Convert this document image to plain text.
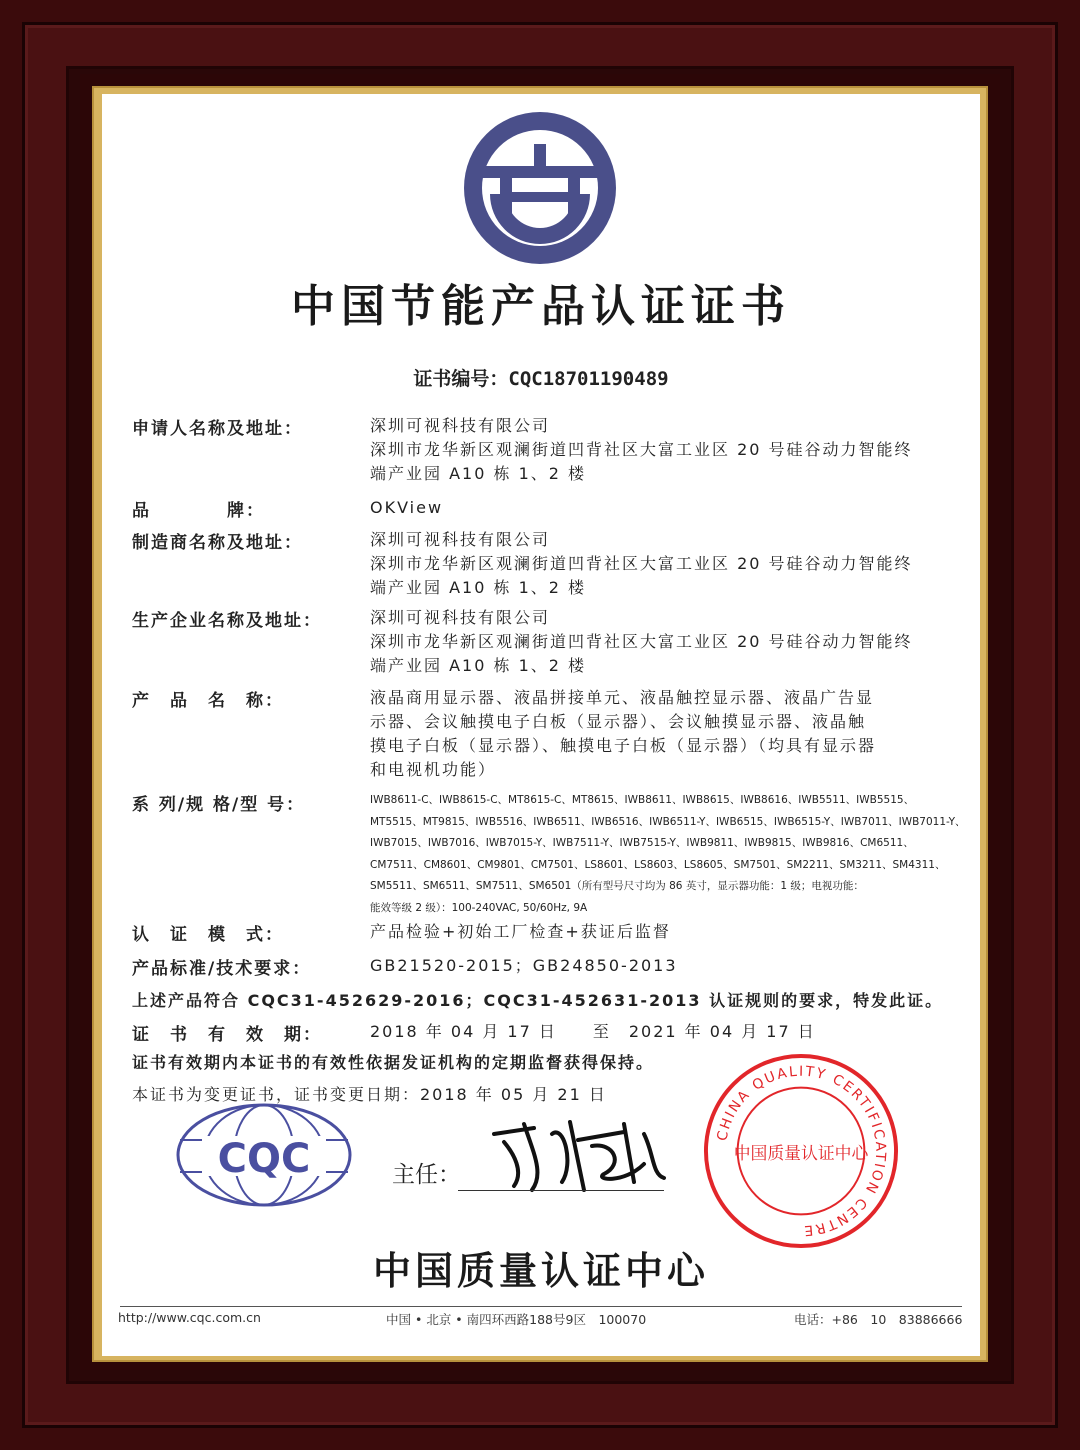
中国节能产品认证证书
证书编号：CQC18701190489
申请人名称及地址：	深圳可视科技有限公司
深圳市龙华新区观澜街道凹背社区大富工业区 20 号硅谷动力智能终
端产业园 A10 栋 1、2 楼
品　　　　牌：	OKView
制造商名称及地址：	深圳可视科技有限公司
深圳市龙华新区观澜街道凹背社区大富工业区 20 号硅谷动力智能终
端产业园 A10 栋 1、2 楼
生产企业名称及地址：	深圳可视科技有限公司
深圳市龙华新区观澜街道凹背社区大富工业区 20 号硅谷动力智能终
端产业园 A10 栋 1、2 楼
产　品　名　称：	液晶商用显示器、液晶拼接单元、液晶触控显示器、液晶广告显
示器、会议触摸电子白板（显示器）、会议触摸显示器、液晶触
摸电子白板（显示器）、触摸电子白板（显示器）（均具有显示器
和电视机功能）
系 列/规 格/型 号：	IWB8611-C、IWB8615-C、MT8615-C、MT8615、IWB8611、IWB8615、IWB8616、IWB5511、IWB5515、
MT5515、MT9815、IWB5516、IWB6511、IWB6516、IWB6511-Y、IWB6515、IWB6515-Y、IWB7011、IWB7011-Y、
IWB7015、IWB7016、IWB7015-Y、IWB7511-Y、IWB7515-Y、IWB9811、IWB9815、IWB9816、CM6511、
CM7511、CM8601、CM9801、CM7501、LS8601、LS8603、LS8605、SM7501、SM2211、SM3211、SM4311、
SM5511、SM6511、SM7511、SM6501（所有型号尺寸均为 86 英寸，显示器功能：1 级；电视功能：
能效等级 2 级）：100-240VAC, 50/60Hz, 9A
认　证　模　式：	产品检验+初始工厂检查+获证后监督
产品标准/技术要求：	GB21520-2015；GB24850-2013
上述产品符合 CQC31-452629-2016；CQC31-452631-2013 认证规则的要求，特发此证。
证　书　有　效　期：	2018 年 04 月 17 日　　至　2021 年 04 月 17 日
证书有效期内本证书的有效性依据发证机构的定期监督获得保持。
本证书为变更证书，证书变更日期：2018 年 05 月 21 日
CQC	主任：
CHINA QUALITY CERTIFICATION CENTRE
中国质量认证中心
中国质量认证中心
http://www.cqc.com.cn	中国 • 北京 • 南四环西路188号9区　100070	电话：+86　10　83886666
